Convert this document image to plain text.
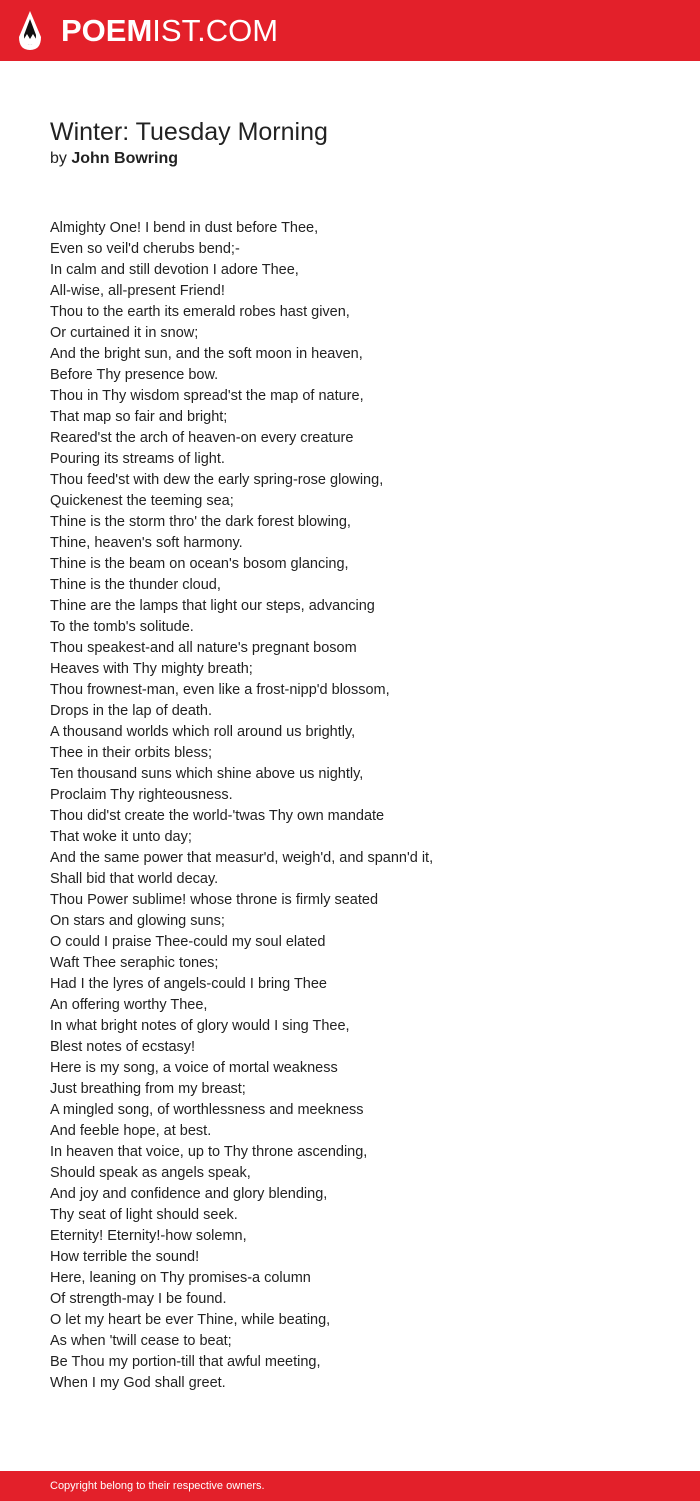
POEMIST.COM
Winter: Tuesday Morning
by John Bowring
Almighty One! I bend in dust before Thee,
Even so veil'd cherubs bend;-
In calm and still devotion I adore Thee,
All-wise, all-present Friend!
Thou to the earth its emerald robes hast given,
Or curtained it in snow;
And the bright sun, and the soft moon in heaven,
Before Thy presence bow.
Thou in Thy wisdom spread'st the map of nature,
That map so fair and bright;
Reared'st the arch of heaven-on every creature
Pouring its streams of light.
Thou feed'st with dew the early spring-rose glowing,
Quickenest the teeming sea;
Thine is the storm thro' the dark forest blowing,
Thine, heaven's soft harmony.
Thine is the beam on ocean's bosom glancing,
Thine is the thunder cloud,
Thine are the lamps that light our steps, advancing
To the tomb's solitude.
Thou speakest-and all nature's pregnant bosom
Heaves with Thy mighty breath;
Thou frownest-man, even like a frost-nipp'd blossom,
Drops in the lap of death.
A thousand worlds which roll around us brightly,
Thee in their orbits bless;
Ten thousand suns which shine above us nightly,
Proclaim Thy righteousness.
Thou did'st create the world-'twas Thy own mandate
That woke it unto day;
And the same power that measur'd, weigh'd, and spann'd it,
Shall bid that world decay.
Thou Power sublime! whose throne is firmly seated
On stars and glowing suns;
O could I praise Thee-could my soul elated
Waft Thee seraphic tones;
Had I the lyres of angels-could I bring Thee
An offering worthy Thee,
In what bright notes of glory would I sing Thee,
Blest notes of ecstasy!
Here is my song, a voice of mortal weakness
Just breathing from my breast;
A mingled song, of worthlessness and meekness
And feeble hope, at best.
In heaven that voice, up to Thy throne ascending,
Should speak as angels speak,
And joy and confidence and glory blending,
Thy seat of light should seek.
Eternity! Eternity!-how solemn,
How terrible the sound!
Here, leaning on Thy promises-a column
Of strength-may I be found.
O let my heart be ever Thine, while beating,
As when 'twill cease to beat;
Be Thou my portion-till that awful meeting,
When I my God shall greet.
Copyright belong to their respective owners.
